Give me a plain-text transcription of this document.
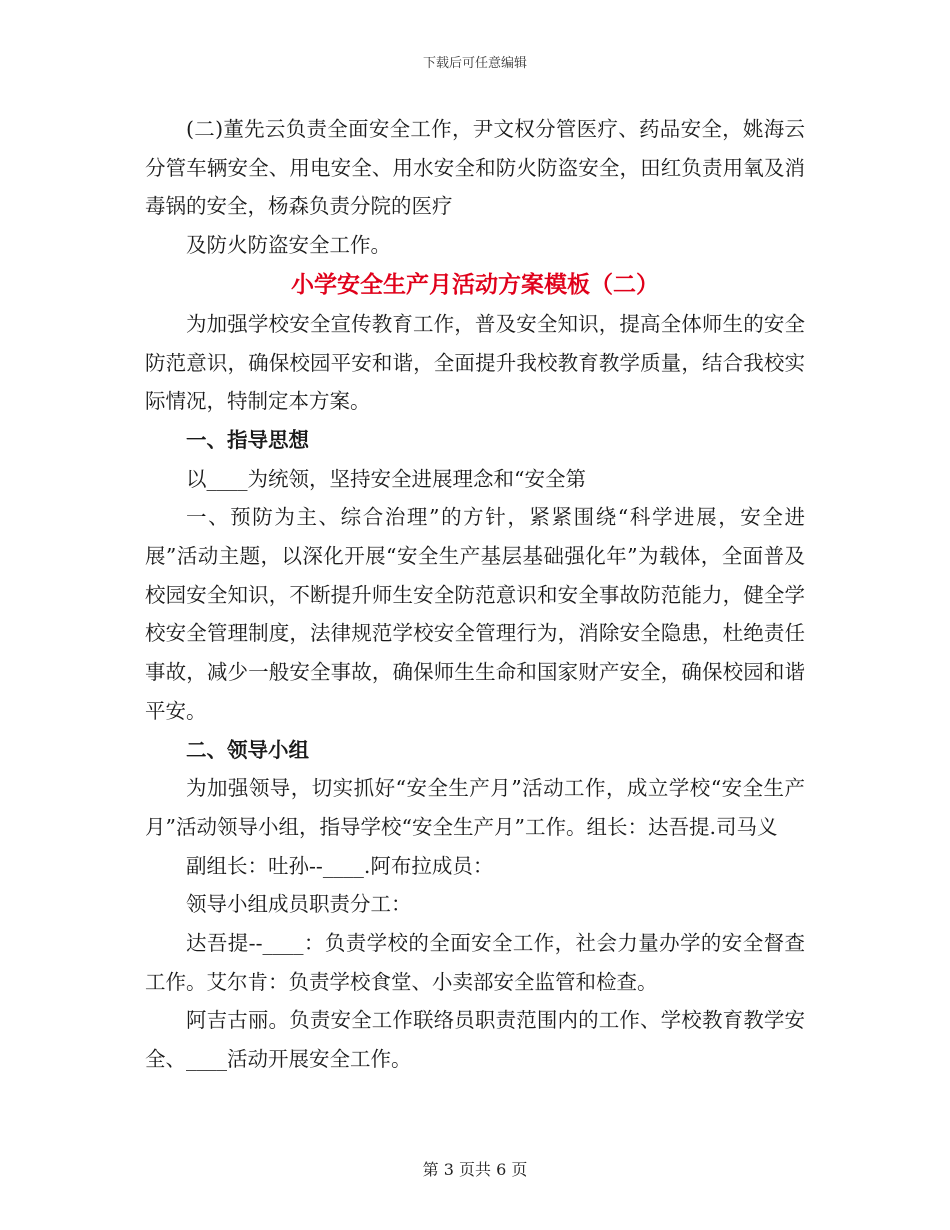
下载后可任意编辑

(二)董先云负责全面安全工作，尹文权分管医疗、药品安全，姚海云分管车辆安全、用电安全、用水安全和防火防盗安全，田红负责用氧及消毒锅的安全，杨森负责分院的医疗

及防火防盗安全工作。

小学安全生产月活动方案模板（二）

为加强学校安全宣传教育工作，普及安全知识，提高全体师生的安全防范意识，确保校园平安和谐，全面提升我校教育教学质量，结合我校实际情况，特制定本方案。

一、指导思想

以____为统领，坚持安全进展理念和“安全第

一、预防为主、综合治理”的方针，紧紧围绕“科学进展，安全进展”活动主题，以深化开展“安全生产基层基础强化年”为载体，全面普及校园安全知识，不断提升师生安全防范意识和安全事故防范能力，健全学校安全管理制度，法律规范学校安全管理行为，消除安全隐患，杜绝责任事故，减少一般安全事故，确保师生生命和国家财产安全，确保校园和谐平安。

二、领导小组

为加强领导，切实抓好“安全生产月”活动工作，成立学校“安全生产月”活动领导小组，指导学校“安全生产月”工作。组长：达吾提.司马义

副组长：吐孙--____.阿布拉成员：

领导小组成员职责分工：

达吾提--____：负责学校的全面安全工作，社会力量办学的安全督查工作。艾尔肯：负责学校食堂、小卖部安全监管和检查。

阿吉古丽。负责安全工作联络员职责范围内的工作、学校教育教学安全、____活动开展安全工作。

第 3 页共 6 页
